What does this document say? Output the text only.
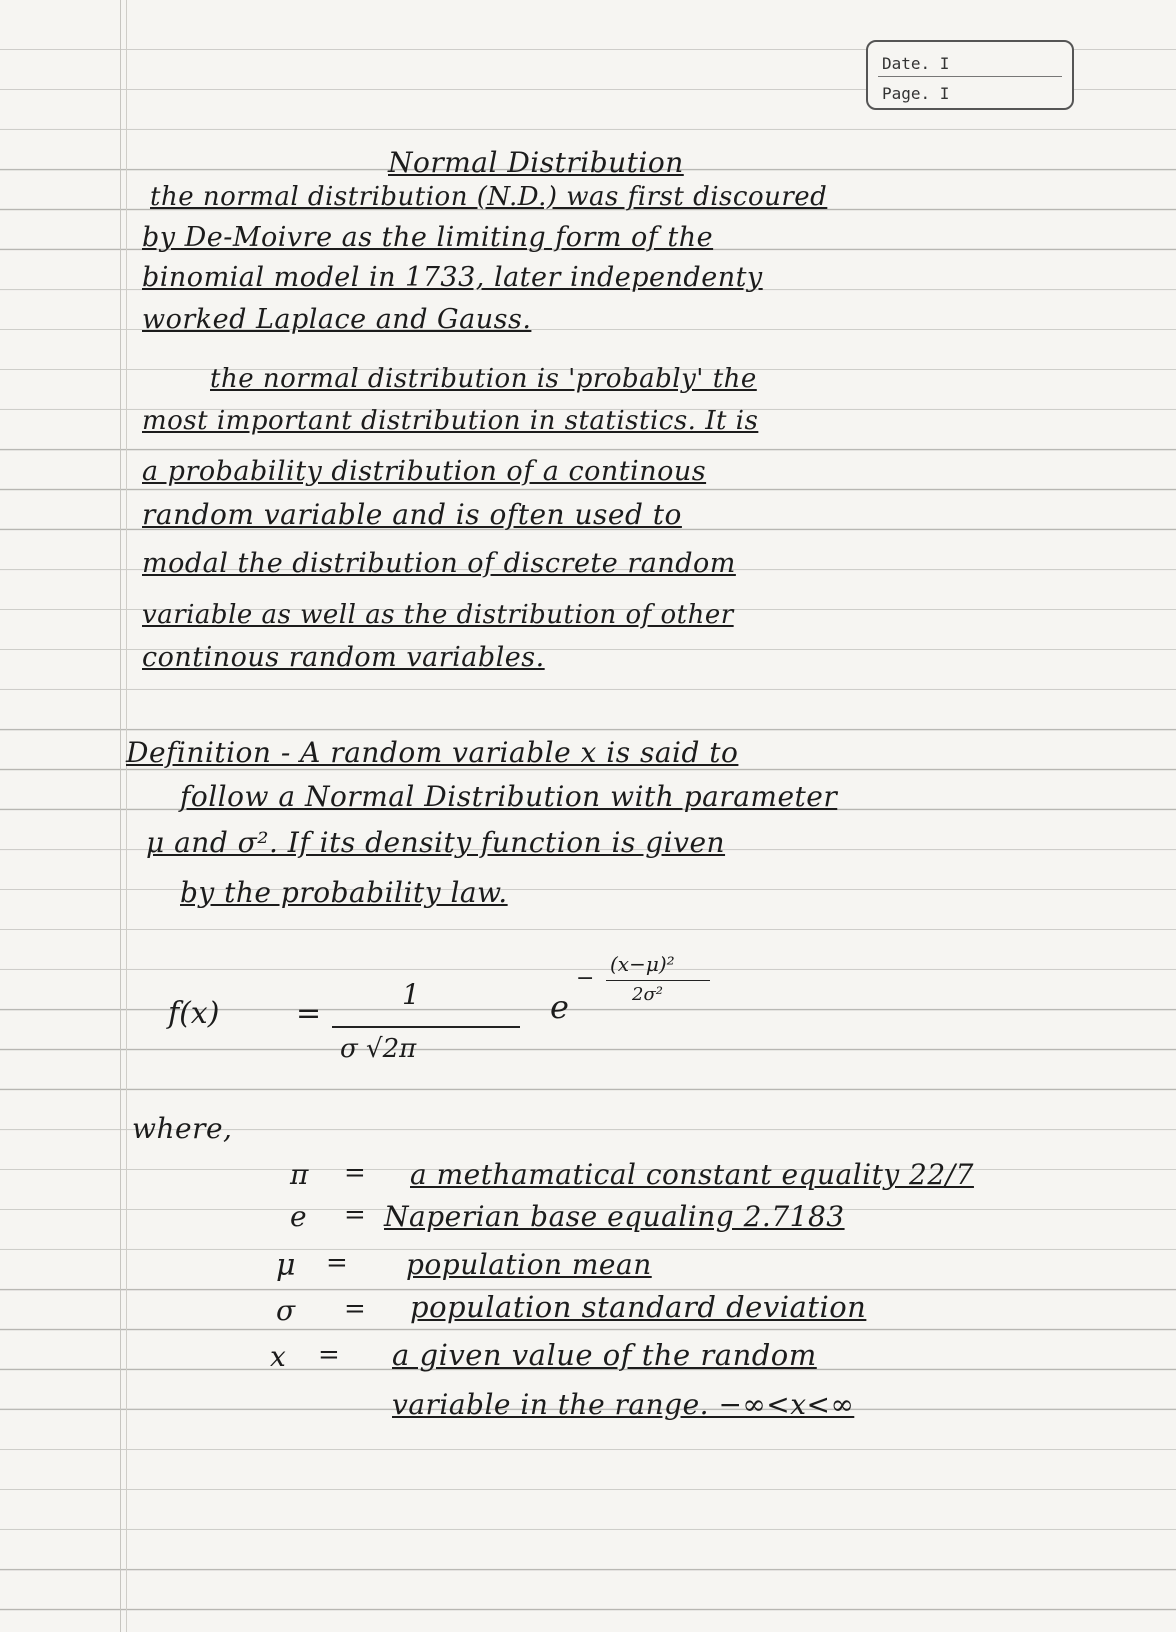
Date. I
Page. I
Normal Distribution
the normal distribution (N.D.) was first discoured
by De-Moivre as the limiting form of the
binomial model in 1733, later independenty
worked Laplace and Gauss.
the normal distribution is 'probably' the
most important distribution in statistics. It is
a probability distribution of a continous
random variable and is often used to
modal the distribution of discrete random
variable as well as the distribution of other
continous random variables.
Definition - A random variable x is said to
follow a Normal Distribution with parameter
μ and σ². If its density function is given
by the probability law.
f(x)	=
1
σ √2π
e
−
(x−μ)²
2σ²
where,
π = a methamatical constant equality 22/7
e = Naperian base equaling 2.7183
μ = population mean
σ = population standard deviation
x = a given value of the random
variable in the range. −∞<x<∞
